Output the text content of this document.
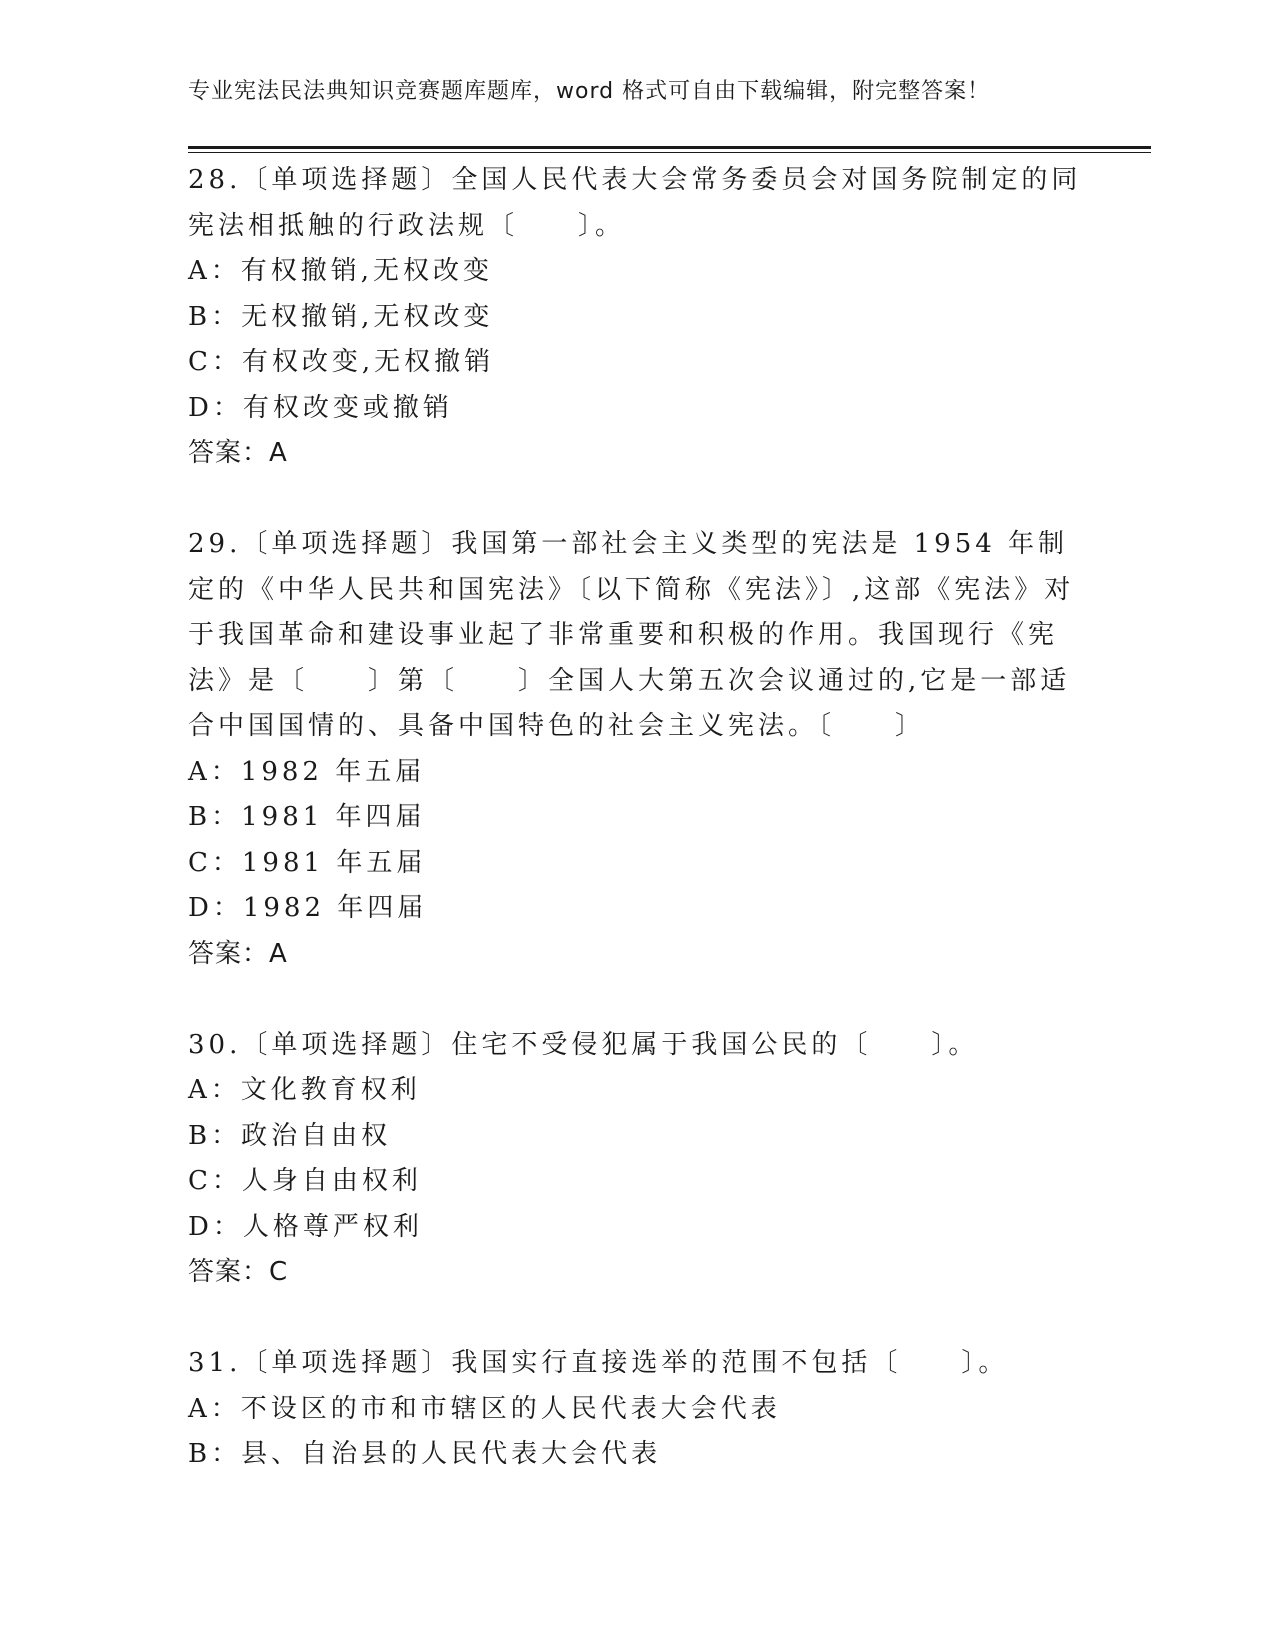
专业宪法民法典知识竞赛题库题库，word 格式可自由下载编辑，附完整答案！

28.〔单项选择题〕全国人民代表大会常务委员会对国务院制定的同宪法相抵触的行政法规〔　　〕。

A：有权撤销,无权改变

B：无权撤销,无权改变

C：有权改变,无权撤销

D：有权改变或撤销

答案：A

29.〔单项选择题〕我国第一部社会主义类型的宪法是 1954 年制定的《中华人民共和国宪法》〔以下简称《宪法》〕,这部《宪法》对于我国革命和建设事业起了非常重要和积极的作用。我国现行《宪法》是〔　　〕第〔　　〕全国人大第五次会议通过的,它是一部适合中国国情的、具备中国特色的社会主义宪法。〔　　〕

A：1982 年五届

B：1981 年四届

C：1981 年五届

D：1982 年四届

答案：A

30.〔单项选择题〕住宅不受侵犯属于我国公民的〔　　〕。

A：文化教育权利

B：政治自由权

C：人身自由权利

D：人格尊严权利

答案：C

31.〔单项选择题〕我国实行直接选举的范围不包括〔　　〕。

A：不设区的市和市辖区的人民代表大会代表

B：县、自治县的人民代表大会代表
